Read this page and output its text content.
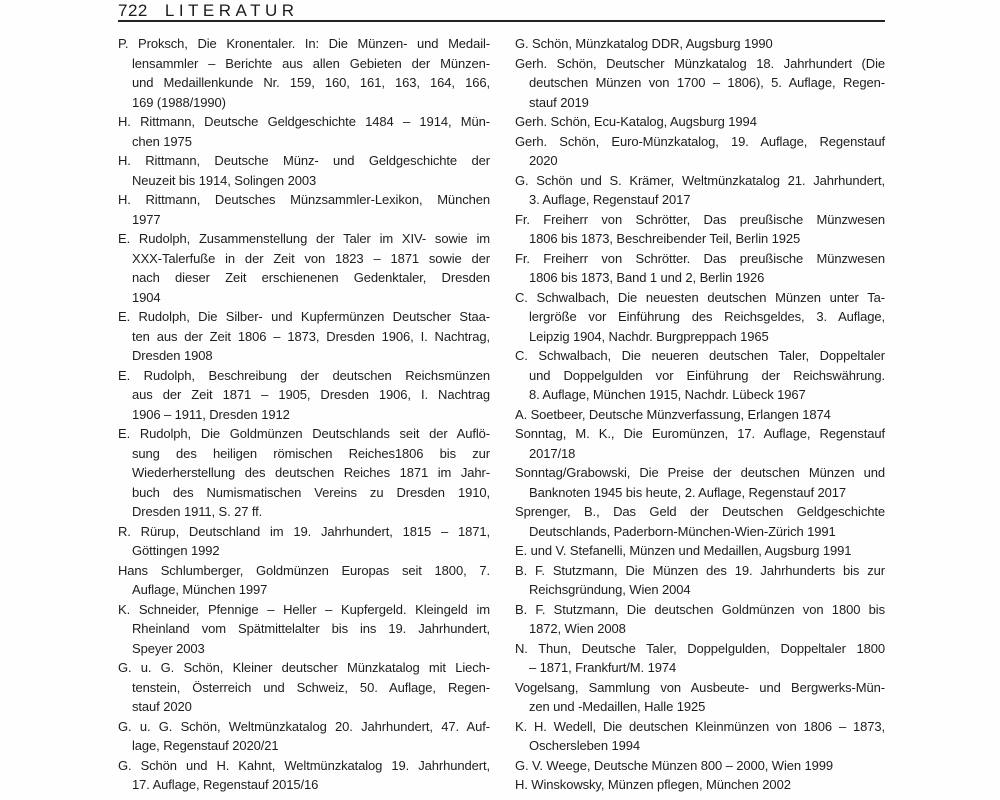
722 LITERATUR
P. Proksch, Die Kronentaler. In: Die Münzen- und Medail-
lensammler – Berichte aus allen Gebieten der Münzen-
und Medaillenkunde Nr. 159, 160, 161, 163, 164, 166,
169 (1988/1990)
H. Rittmann, Deutsche Geldgeschichte 1484 – 1914, Mün-
chen 1975
H. Rittmann, Deutsche Münz- und Geldgeschichte der
Neuzeit bis 1914, Solingen 2003
H. Rittmann, Deutsches Münzsammler-Lexikon, München
1977
E. Rudolph, Zusammenstellung der Taler im XIV- sowie im
XXX-Talerfuße in der Zeit von 1823 – 1871 sowie der
nach dieser Zeit erschienenen Gedenktaler, Dresden
1904
E. Rudolph, Die Silber- und Kupfermünzen Deutscher Staa-
ten aus der Zeit 1806 – 1873, Dresden 1906, I. Nachtrag,
Dresden 1908
E. Rudolph, Beschreibung der deutschen Reichsmünzen
aus der Zeit 1871 – 1905, Dresden 1906, I. Nachtrag
1906 – 1911, Dresden 1912
E. Rudolph, Die Goldmünzen Deutschlands seit der Auflö-
sung des heiligen römischen Reiches1806 bis zur
Wiederherstellung des deutschen Reiches 1871 im Jahr-
buch des Numismatischen Vereins zu Dresden 1910,
Dresden 1911, S. 27 ff.
R. Rürup, Deutschland im 19. Jahrhundert, 1815 – 1871,
Göttingen 1992
Hans Schlumberger, Goldmünzen Europas seit 1800, 7.
Auflage, München 1997
K. Schneider, Pfennige – Heller – Kupfergeld. Kleingeld im
Rheinland vom Spätmittelalter bis ins 19. Jahrhundert,
Speyer 2003
G. u. G. Schön, Kleiner deutscher Münzkatalog mit Liech-
tenstein, Österreich und Schweiz, 50. Auflage, Regen-
stauf 2020
G. u. G. Schön, Weltmünzkatalog 20. Jahrhundert, 47. Auf-
lage, Regenstauf 2020/21
G. Schön und H. Kahnt, Weltmünzkatalog 19. Jahrhundert,
17. Auflage, Regenstauf 2015/16
G. Schön, Münzkatalog DDR, Augsburg 1990
Gerh. Schön, Deutscher Münzkatalog 18. Jahrhundert (Die
deutschen Münzen von 1700 – 1806), 5. Auflage, Regen-
stauf 2019
Gerh. Schön, Ecu-Katalog, Augsburg 1994
Gerh. Schön, Euro-Münzkatalog, 19. Auflage, Regenstauf
2020
G. Schön und S. Krämer, Weltmünzkatalog 21. Jahrhundert,
3. Auflage, Regenstauf 2017
Fr. Freiherr von Schrötter, Das preußische Münzwesen
1806 bis 1873, Beschreibender Teil, Berlin 1925
Fr. Freiherr von Schrötter. Das preußische Münzwesen
1806 bis 1873, Band 1 und 2, Berlin 1926
C. Schwalbach, Die neuesten deutschen Münzen unter Ta-
lergröße vor Einführung des Reichsgeldes, 3. Auflage,
Leipzig 1904, Nachdr. Burgpreppach 1965
C. Schwalbach, Die neueren deutschen Taler, Doppeltaler
und Doppelgulden vor Einführung der Reichswährung.
8. Auflage, München 1915, Nachdr. Lübeck 1967
A. Soetbeer, Deutsche Münzverfassung, Erlangen 1874
Sonntag, M. K., Die Euromünzen, 17. Auflage, Regenstauf
2017/18
Sonntag/Grabowski, Die Preise der deutschen Münzen und
Banknoten 1945 bis heute, 2. Auflage, Regenstauf 2017
Sprenger, B., Das Geld der Deutschen Geldgeschichte
Deutschlands, Paderborn-München-Wien-Zürich 1991
E. und V. Stefanelli, Münzen und Medaillen, Augsburg 1991
B. F. Stutzmann, Die Münzen des 19. Jahrhunderts bis zur
Reichsgründung, Wien 2004
B. F. Stutzmann, Die deutschen Goldmünzen von 1800 bis
1872, Wien 2008
N. Thun, Deutsche Taler, Doppelgulden, Doppeltaler 1800
– 1871, Frankfurt/M. 1974
Vogelsang, Sammlung von Ausbeute- und Bergwerks-Mün-
zen und -Medaillen, Halle 1925
K. H. Wedell, Die deutschen Kleinmünzen von 1806 – 1873,
Oschersleben 1994
G. V. Weege, Deutsche Münzen 800 – 2000, Wien 1999
H. Winskowsky, Münzen pflegen, München 2002
